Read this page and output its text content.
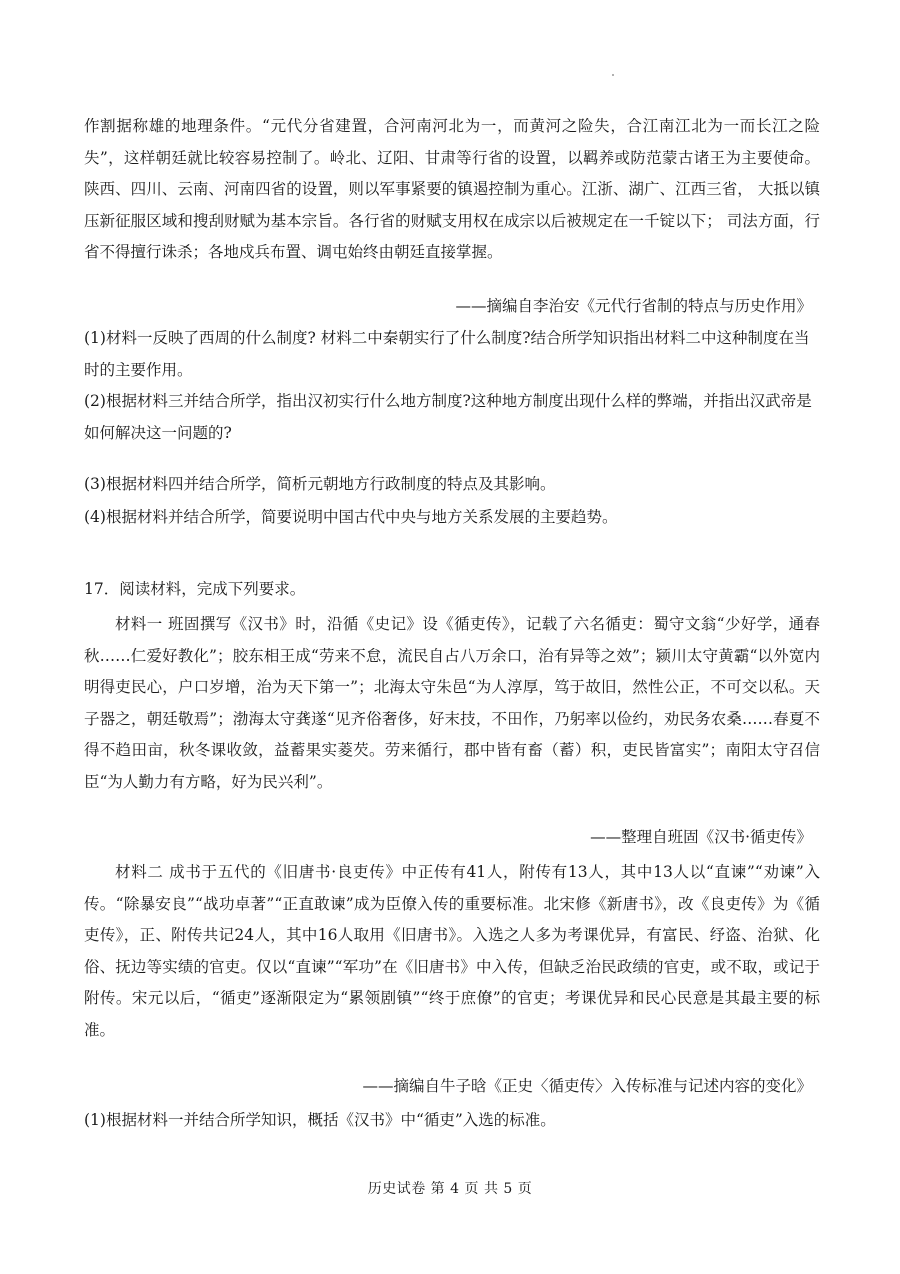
作割据称雄的地理条件。“元代分省建置，合河南河北为一，而黄河之险失，合江南江北为一而长江之险失”，这样朝廷就比较容易控制了。岭北、辽阳、甘肃等行省的设置，以羁养或防范蒙古诸王为主要使命。陕西、四川、云南、河南四省的设置，则以军事紧要的镇遏控制为重心。江浙、湖广、江西三省， 大抵以镇压新征服区域和搜刮财赋为基本宗旨。各行省的财赋支用权在成宗以后被规定在一千锭以下； 司法方面，行省不得擅行诛杀；各地戍兵布置、调屯始终由朝廷直接掌握。

——摘编自李治安《元代行省制的特点与历史作用》

(1)材料一反映了西周的什么制度? 材料二中秦朝实行了什么制度?结合所学知识指出材料二中这种制度在当时的主要作用。

(2)根据材料三并结合所学，指出汉初实行什么地方制度?这种地方制度出现什么样的弊端，并指出汉武帝是如何解决这一问题的?

(3)根据材料四并结合所学，简析元朝地方行政制度的特点及其影响。

(4)根据材料并结合所学，简要说明中国古代中央与地方关系发展的主要趋势。

17．阅读材料，完成下列要求。

材料一 班固撰写《汉书》时，沿循《史记》设《循吏传》，记载了六名循吏：蜀守文翁“少好学，通春秋……仁爱好教化”；胶东相王成“劳来不怠，流民自占八万余口，治有异等之效”；颍川太守黄霸“以外宽内明得吏民心，户口岁增，治为天下第一”；北海太守朱邑“为人淳厚，笃于故旧，然性公正，不可交以私。天子器之，朝廷敬焉”；渤海太守龚遂“见齐俗奢侈，好末技，不田作，乃躬率以俭约，劝民务农桑……春夏不得不趋田亩，秋冬课收敛，益蓄果实菱芡。劳来循行，郡中皆有畜（蓄）积，吏民皆富实”；南阳太守召信臣“为人勤力有方略，好为民兴利”。

——整理自班固《汉书·循吏传》

材料二 成书于五代的《旧唐书·良吏传》中正传有41人，附传有13人，其中13人以“直谏”“劝谏”入传。“除暴安良”“战功卓著”“正直敢谏”成为臣僚入传的重要标准。北宋修《新唐书》，改《良吏传》为《循吏传》，正、附传共记24人，其中16人取用《旧唐书》。入选之人多为考课优异，有富民、纾盗、治狱、化俗、抚边等实绩的官吏。仅以“直谏”“军功”在《旧唐书》中入传，但缺乏治民政绩的官吏，或不取，或记于附传。宋元以后，“循吏”逐渐限定为“累领剧镇”“终于庶僚”的官吏；考课优异和民心民意是其最主要的标准。

——摘编自牛子晗《正史〈循吏传〉入传标准与记述内容的变化》

(1)根据材料一并结合所学知识，概括《汉书》中“循吏”入选的标准。

历史试卷 第 4 页 共 5 页
